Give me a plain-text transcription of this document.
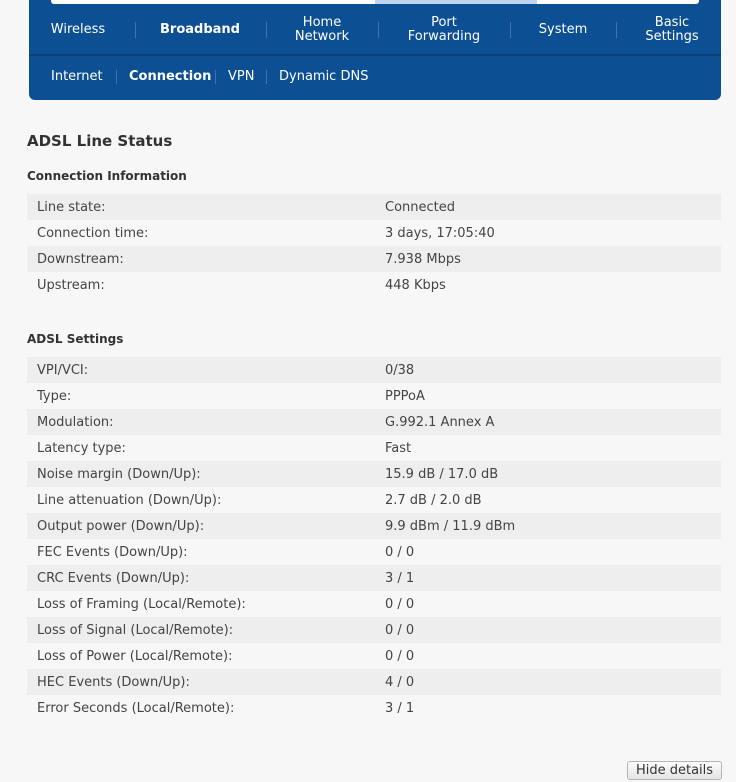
Wireless	Broadband	Home
Network
Port
Forwarding	System	Basic
Settings
Internet Connection VPN Dynamic DNS
ADSL Line Status
Connection Information
Line state:	Connected
Connection time:	3 days, 17:05:40
Downstream:	7.938 Mbps
Upstream:	448 Kbps
ADSL Settings
VPI/VCI:	0/38
Type:	PPPoA
Modulation:	G.992.1 Annex A
Latency type:	Fast
Noise margin (Down/Up):	15.9 dB / 17.0 dB
Line attenuation (Down/Up):	2.7 dB / 2.0 dB
Output power (Down/Up):	9.9 dBm / 11.9 dBm
FEC Events (Down/Up):	0 / 0
CRC Events (Down/Up):	3 / 1
Loss of Framing (Local/Remote):	0 / 0
Loss of Signal (Local/Remote):	0 / 0
Loss of Power (Local/Remote):	0 / 0
HEC Events (Down/Up):	4 / 0
Error Seconds (Local/Remote):	3 / 1
Hide details
